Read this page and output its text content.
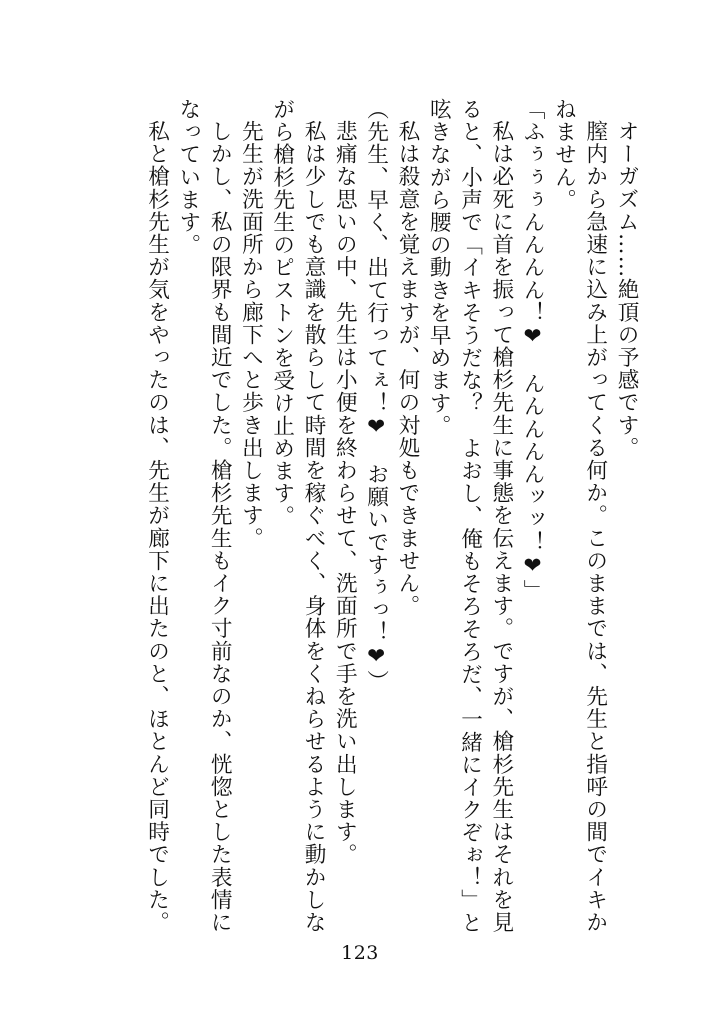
オーガズム……絶頂の予感です。

膣内から急速に込み上がってくる何か。このままでは、先生と指呼の間でイキかねません。

「ふぅぅぅんんんん！❤　んんんんんッッ！❤」

私は必死に首を振って槍杉先生に事態を伝えます。ですが、槍杉先生はそれを見ると、小声で「イキそうだな？　よおし、俺もそろそろだ、一緒にイクぞぉ！」と呟きながら腰の動きを早めます。

私は殺意を覚えますが、何の対処もできません。

（先生、早く、出て行ってぇ！❤　お願いですぅっ！❤）

悲痛な思いの中、先生は小便を終わらせて、洗面所で手を洗い出します。

私は少しでも意識を散らして時間を稼ぐべく、身体をくねらせるように動かしながら槍杉先生のピストンを受け止めます。

先生が洗面所から廊下へと歩き出します。

しかし、私の限界も間近でした。槍杉先生もイク寸前なのか、恍惚とした表情になっています。

私と槍杉先生が気をやったのは、先生が廊下に出たのと、ほとんど同時でした。

123
